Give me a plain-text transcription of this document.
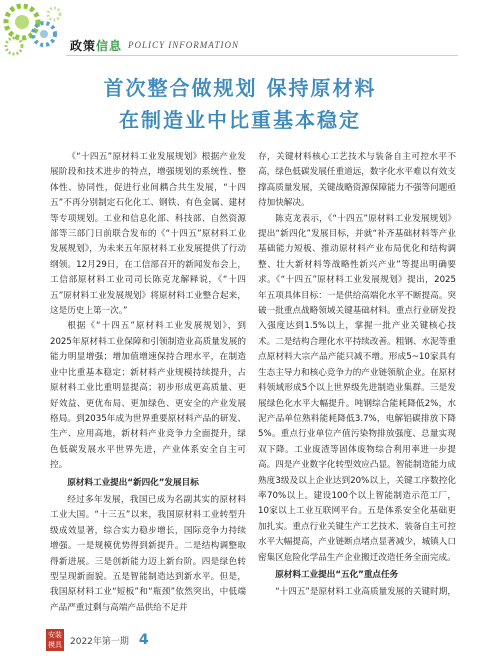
政策信息 POLICY INFORMATION
首次整合做规划 保持原材料
在制造业中比重基本稳定

《“十四五”原材料工业发展规划》根据产业发展阶段和技术进步的特点，增强规划的系统性、整体性、协同性，促进行业间耦合共生发展，“十四五”不再分别制定石化化工、钢铁、有色金属、建材等专项规划。工业和信息化部、科技部、自然资源部等三部门日前联合发布的《“十四五”原材料工业发展规划》，为未来五年原材料工业发展提供了行动纲领。12月29日，在工信部召开的新闻发布会上，工信部原材料工业司司长陈克龙解释说，《“十四五”原材料工业发展规划》将原材料工业整合起来，这是历史上第一次。”

根据《“十四五”原材料工业发展规划》，到2025年原材料工业保障和引领制造业高质量发展的能力明显增强；增加值增速保持合理水平，在制造业中比重基本稳定；新材料产业规模持续提升，占原材料工业比重明显提高；初步形成更高质量、更好效益、更优布局、更加绿色、更安全的产业发展格局。到2035年成为世界重要原材料产品的研发、生产、应用高地，新材料产业竞争力全面提升，绿色低碳发展水平世界先进，产业体系安全自主可控。

原材料工业提出“新四化”发展目标

经过多年发展，我国已成为名副其实的原材料工业大国。“十三五”以来，我国原材料工业转型升级成效显著，综合实力稳步增长，国际竞争力持续增强。一是规模优势得到新提升。二是结构调整取得新进展。三是创新能力迈上新台阶。四是绿色转型呈现新面貌。五是智能制造达到新水平。但是，我国原材料工业“短板”和“瓶颈”依然突出，中低端产品严重过剩与高端产品供给不足并

存，关键材料核心工艺技术与装备自主可控水平不高，绿色低碳发展任重道远，数字化水平难以有效支撑高质量发展，关键战略资源保障能力不强等问题亟待加快解决。

陈克龙表示，《“十四五”原材料工业发展规划》提出“新四化”发展目标，并就“补齐基础材料等产业基础能力短板、推动原材料产业布局优化和结构调整、壮大新材料等战略性新兴产业”等提出明确要求。《“十四五”原材料工业发展规划》提出，2025年五项具体目标：一是供给高端化水平不断提高。突破一批重点战略领域关键基础材料。重点行业研发投入强度达到1.5%以上，掌握一批产业关键核心技术。二是结构合理化水平持续改善。粗钢、水泥等重点原材料大宗产品产能只减不增。形成5~10家具有生态主导力和核心竞争力的产业链领航企业。在原材料领域形成5个以上世界级先进制造业集群。三是发展绿色化水平大幅提升。吨钢综合能耗降低2%，水泥产品单位熟料能耗降低3.7%，电解铝碳排放下降5%。重点行业单位产值污染物排放强度、总量实现双下降。工业废渣等固体废物综合利用率进一步提高。四是产业数字化转型效应凸显。智能制造能力成熟度3级及以上企业达到20%以上，关键工序数控化率70%以上。建设100个以上智能制造示范工厂，10家以上工业互联网平台。五是体系安全化基础更加扎实。重点行业关键生产工艺技术、装备自主可控水平大幅提高，产业链断点堵点显著减少，城镇人口密集区危险化学品生产企业搬迁改造任务全面完成。

原材料工业提出“五化”重点任务

“十四五”是原材料工业高质量发展的关键时期，

安装 模具 2022年第一期 4
